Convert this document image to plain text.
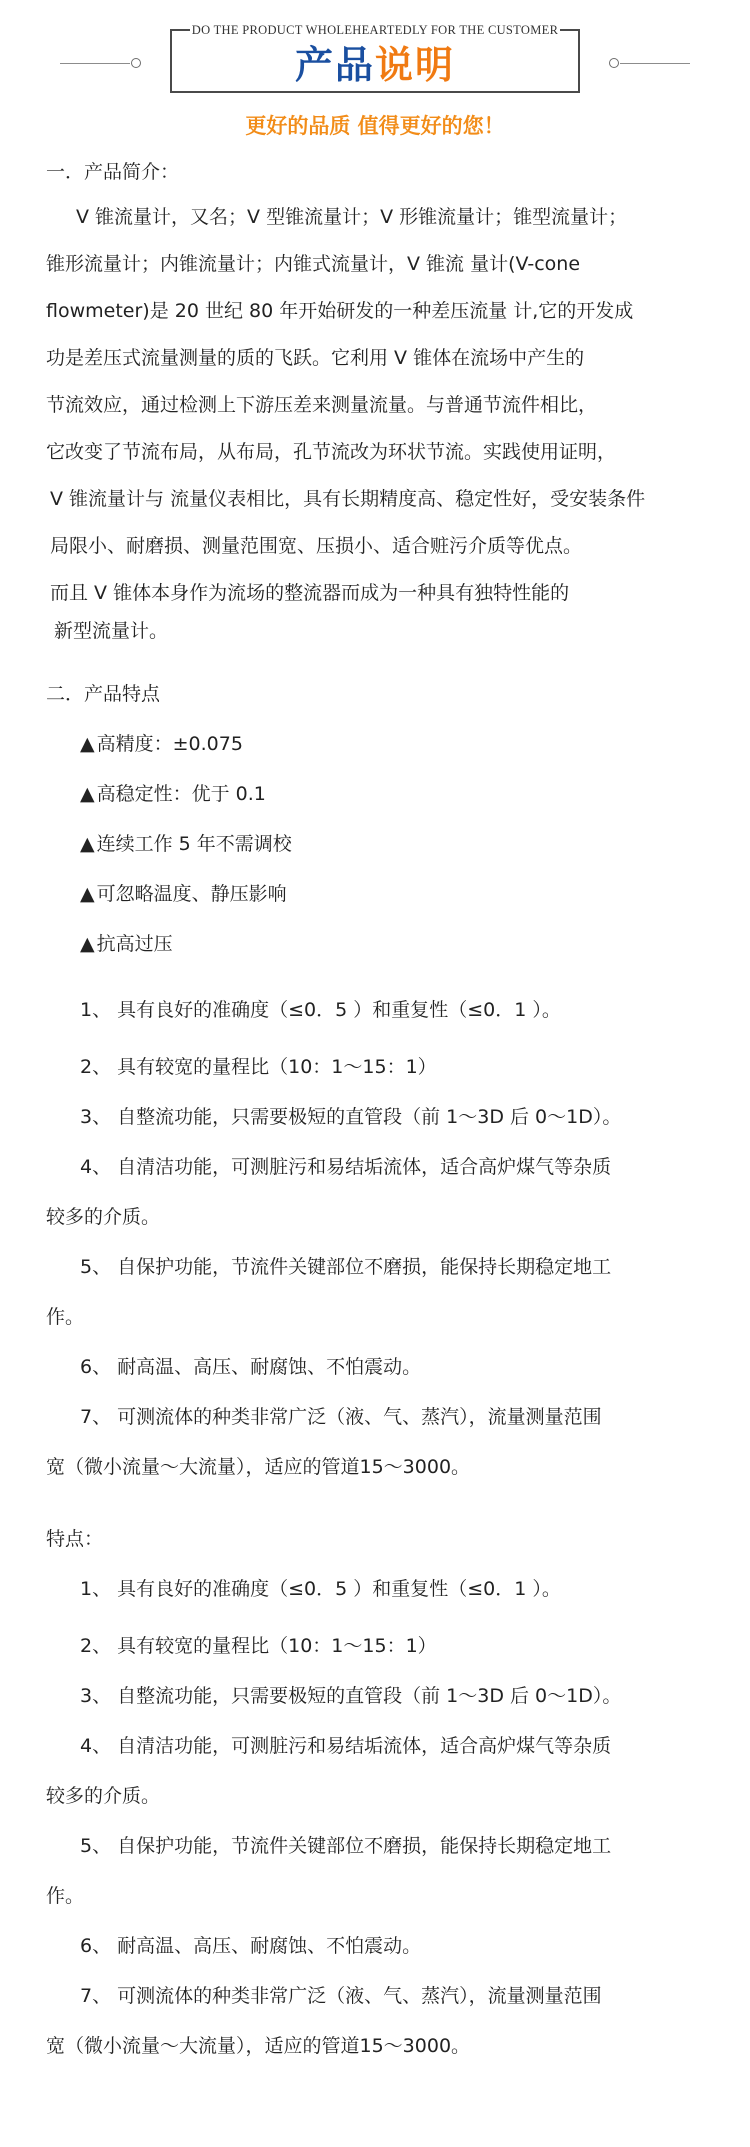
DO THE PRODUCT WHOLEHEARTEDLY FOR THE CUSTOMER
产品说明
更好的品质 值得更好的您！
一．产品简介：
V 锥流量计，又名；V 型锥流量计；V 形锥流量计；锥型流量计；
锥形流量计；内锥流量计；内锥式流量计，V 锥流 量计(V-cone
flowmeter)是 20 世纪 80 年开始研发的一种差压流量 计,它的开发成
功是差压式流量测量的质的飞跃。它利用 V 锥体在流场中产生的
节流效应，通过检测上下游压差来测量流量。与普通节流件相比，
它改变了节流布局，从布局，孔节流改为环状节流。实践使用证明，
V 锥流量计与 流量仪表相比，具有长期精度高、稳定性好，受安装条件
局限小、耐磨损、测量范围宽、压损小、适合赃污介质等优点。
而且 V 锥体本身作为流场的整流器而成为一种具有独特性能的
新型流量计。
二．产品特点
▲ 高精度：±0.075
▲ 高稳定性：优于 0.1
▲ 连续工作 5 年不需调校
▲ 可忽略温度、静压影响
▲ 抗高过压
1、 具有良好的准确度（≤0．5 ）和重复性（≤0．1 ）。
2、 具有较宽的量程比（10：1～15：1）
3、 自整流功能，只需要极短的直管段（前 1～3D 后 0～1D）。
4、 自清洁功能，可测脏污和易结垢流体，适合高炉煤气等杂质
较多的介质。
5、 自保护功能，节流件关键部位不磨损，能保持长期稳定地工
作。
6、 耐高温、高压、耐腐蚀、不怕震动。
7、 可测流体的种类非常广泛（液、气、蒸汽），流量测量范围
宽（微小流量～大流量），适应的管道15～3000。
特点：
1、 具有良好的准确度（≤0．5 ）和重复性（≤0．1 ）。
2、 具有较宽的量程比（10：1～15：1）
3、 自整流功能，只需要极短的直管段（前 1～3D 后 0～1D）。
4、 自清洁功能，可测脏污和易结垢流体，适合高炉煤气等杂质
较多的介质。
5、 自保护功能，节流件关键部位不磨损，能保持长期稳定地工
作。
6、 耐高温、高压、耐腐蚀、不怕震动。
7、 可测流体的种类非常广泛（液、气、蒸汽），流量测量范围
宽（微小流量～大流量），适应的管道15～3000。
